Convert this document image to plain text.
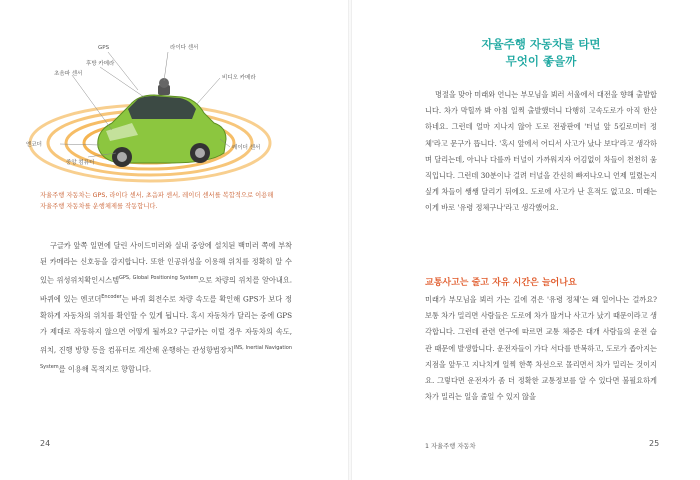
GPS
후방 카메라
초음파 센서
라이다 센서
비디오 카메라
엔코더
중앙 컴퓨터
레이더 센서
자율주행 자동차는 GPS, 라이다 센서, 초음파 센서, 레이더 센서를 복합적으로 이용해 자율주행 자동차를 운행체제를 작동합니다.

구글카 앞쪽 일면에 달린 사이드미러와 실내 중앙에 설치된 백미러 쪽에 부착된 카메라는 신호등을 감지합니다. 또한 인공위성을 이용해 위치를 정확히 알 수 있는 위성위치확인시스템$^{GPS, Global Positioning System}$으로 차량의 위치를 알아내요. 바퀴에 있는 엔코더$^{Encoder}$는 바퀴 회전수로 차량 속도를 확인해 GPS가 보다 정확하게 자동차의 위치를 확인할 수 있게 됩니다. 혹시 자동차가 달리는 중에 GPS가 제대로 작동하지 않으면 어떻게 될까요? 구글카는 이럴 경우 자동차의 속도, 위치, 진행 방향 등을 컴퓨터로 계산해 운행하는 관성항법장치$^{INS, Inertial Navigation System}$를 이용해 목적지로 향합니다.

24
자율주행 자동차를 타면
무엇이 좋을까

명절을 맞아 미래와 언니는 부모님을 뵈러 서울에서 대전을 향해 출발합니다. 차가 막힐까 봐 아침 일찍 출발했더니 다행히 고속도로가 아직 한산하네요. 그런데 얼마 지나지 않아 도로 전광판에 '터널 앞 5킬로미터 정체'라고 문구가 뜹니다. '혹시 앞에서 어디서 사고가 났나 보다'라고 생각하며 달리는데, 아니나 다를까 터널이 가까워지자 어김없이 차들이 천천히 움직입니다. 그런데 30분이나 걸려 터널을 간신히 빠져나오니 언제 밀렸는지 싶게 차들이 쌩쌩 달리기 뒤에요. 도로에 사고가 난 흔적도 없고요. 미래는 이게 바로 '유령 정체구나'라고 생각했어요.

교통사고는 줄고 자유 시간은 늘어나요

미래가 부모님을 뵈러 가는 길에 겪은 '유령 정체'는 왜 일어나는 걸까요? 보통 차가 밀리면 사람들은 도로에 차가 많거나 사고가 났기 때문이라고 생각합니다. 그런데 관련 연구에 따르면 교통 체증은 대개 사람들의 운전 습관 때문에 발생합니다. 운전자들이 가다 서다를 반복하고, 도로가 좁아지는 지점을 앞두고 지나치게 일찍 한쪽 차선으로 몰리면서 차가 밀리는 것이지요. 그렇다면 운전자가 좀 더 정확한 교통정보를 알 수 있다면 불필요하게 차가 밀리는 일을 줄일 수 있지 않을

1 자율주행 자동차	25
